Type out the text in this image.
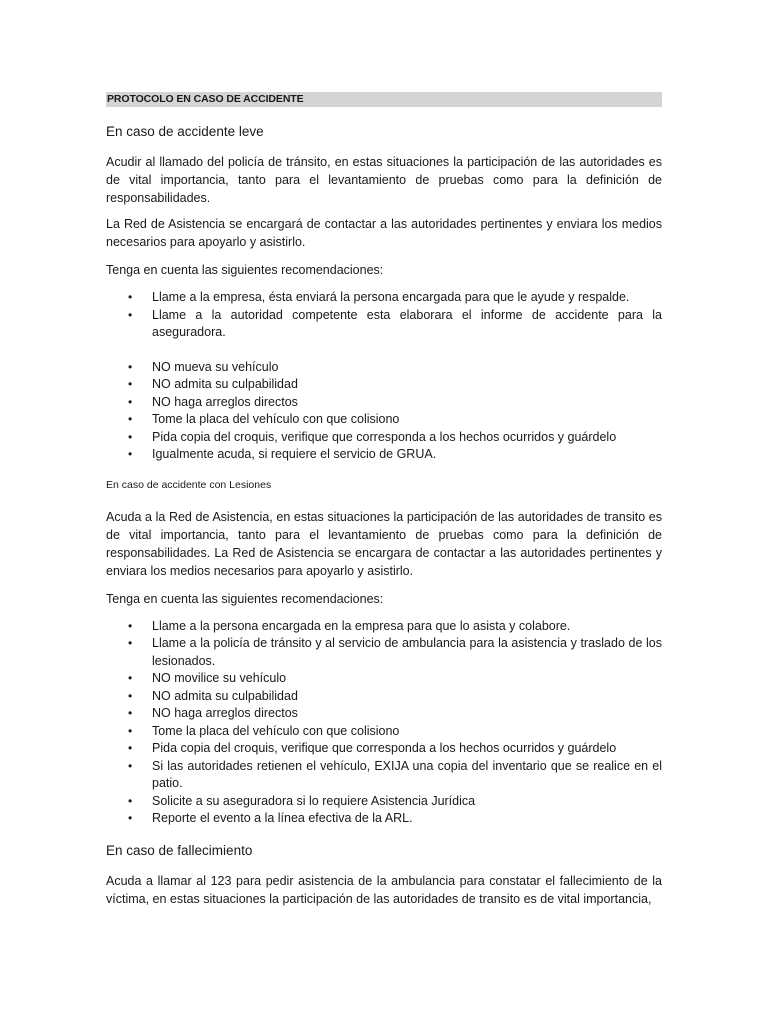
PROTOCOLO EN CASO DE ACCIDENTE
En caso de accidente leve

Acudir al llamado del policía de tránsito, en estas situaciones la participación de las autoridades es de vital importancia, tanto para el levantamiento de pruebas como para la definición de responsabilidades.

La Red de Asistencia se encargará de contactar a las autoridades pertinentes y enviara los medios necesarios para apoyarlo y asistirlo.

Tenga en cuenta las siguientes recomendaciones:

• Llame a la empresa, ésta enviará la persona encargada para que le ayude y respalde.
• Llame a la autoridad competente esta elaborara el informe de accidente para la aseguradora.
• NO mueva su vehículo
• NO admita su culpabilidad
• NO haga arreglos directos
• Tome la placa del vehículo con que colisiono
• Pida copia del croquis, verifique que corresponda a los hechos ocurridos y guárdelo
• Igualmente acuda, si requiere el servicio de GRUA.
En caso de accidente con Lesiones

Acuda a la Red de Asistencia, en estas situaciones la participación de las autoridades de transito es de vital importancia, tanto para el levantamiento de pruebas como para la definición de responsabilidades. La Red de Asistencia se encargara de contactar a las autoridades pertinentes y enviara los medios necesarios para apoyarlo y asistirlo.

Tenga en cuenta las siguientes recomendaciones:

• Llame a la persona encargada en la empresa para que lo asista y colabore.
• Llame a la policía de tránsito y al servicio de ambulancia para la asistencia y traslado de los lesionados.
• NO movilice su vehículo
• NO admita su culpabilidad
• NO haga arreglos directos
• Tome la placa del vehículo con que colisiono
• Pida copia del croquis, verifique que corresponda a los hechos ocurridos y guárdelo
• Si las autoridades retienen el vehículo, EXIJA una copia del inventario que se realice en el patio.
• Solicite a su aseguradora si lo requiere Asistencia Jurídica
• Reporte el evento a la línea efectiva de la ARL.
En caso de fallecimiento

Acuda a llamar al 123 para pedir asistencia de la ambulancia para constatar el fallecimiento de la víctima, en estas situaciones la participación de las autoridades de transito es de vital importancia,
